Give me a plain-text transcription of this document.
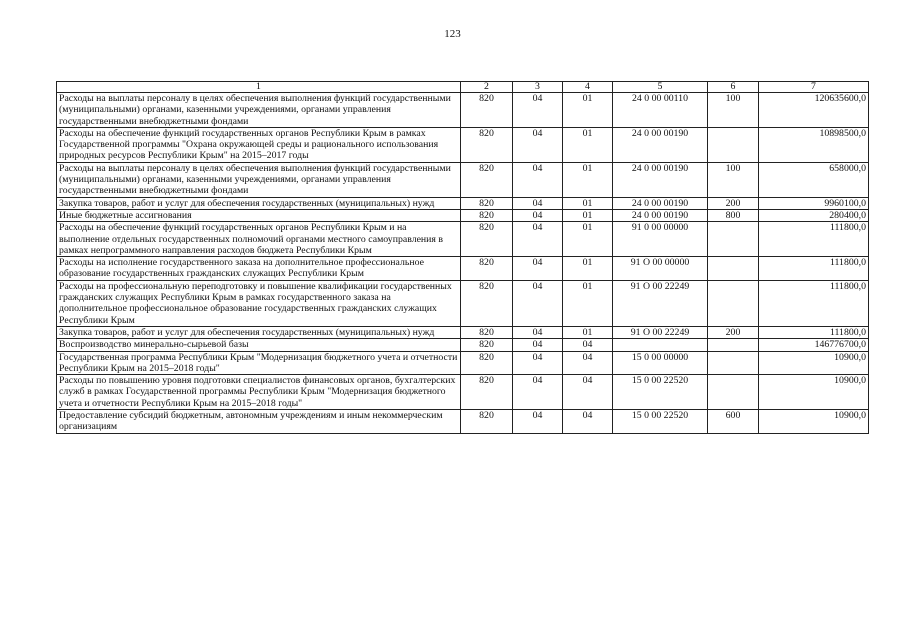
123
1	2	3	4	5	6	7
Расходы на выплаты персоналу в целях обеспечения выполнения функций государственными (муниципальными) органами, казенными учреждениями, органами управления государственными внебюджетными фондами	820	04	01	24 0 00 00110	100	120635600,0
Расходы на обеспечение функций государственных органов Республики Крым в рамках Государственной программы "Охрана окружающей среды и рационального использования природных ресурсов Республики Крым" на 2015–2017 годы	820	04	01	24 0 00 00190		10898500,0
Расходы на выплаты персоналу в целях обеспечения выполнения функций государственными (муниципальными) органами, казенными учреждениями, органами управления государственными внебюджетными фондами	820	04	01	24 0 00 00190	100	658000,0
Закупка товаров, работ и услуг для обеспечения государственных (муниципальных) нужд	820	04	01	24 0 00 00190	200	9960100,0
Иные бюджетные ассигнования	820	04	01	24 0 00 00190	800	280400,0
Расходы на обеспечение функций государственных органов Республики Крым и на выполнение отдельных государственных полномочий органами местного самоуправления в рамках непрограммного направления расходов бюджета Республики Крым	820	04	01	91 0 00 00000		111800,0
Расходы на исполнение государственного заказа на дополнительное профессиональное образование государственных гражданских служащих Республики Крым	820	04	01	91 О 00 00000		111800,0
Расходы на профессиональную переподготовку и повышение квалификации государственных гражданских служащих Республики Крым в рамках государственного заказа на дополнительное профессиональное образование государственных гражданских служащих Республики Крым	820	04	01	91 О 00 22249		111800,0
Закупка товаров, работ и услуг для обеспечения государственных (муниципальных) нужд	820	04	01	91 О 00 22249	200	111800,0
Воспроизводство минерально-сырьевой базы	820	04	04			146776700,0
Государственная программа Республики Крым "Модернизация бюджетного учета и отчетности Республики Крым на 2015–2018 годы"	820	04	04	15 0 00 00000		10900,0
Расходы по повышению уровня подготовки специалистов финансовых органов, бухгалтерских служб в рамках Государственной программы Республики Крым "Модернизация бюджетного учета и отчетности Республики Крым на 2015–2018 годы"	820	04	04	15 0 00 22520		10900,0
Предоставление субсидий бюджетным, автономным учреждениям и иным некоммерческим организациям	820	04	04	15 0 00 22520	600	10900,0
